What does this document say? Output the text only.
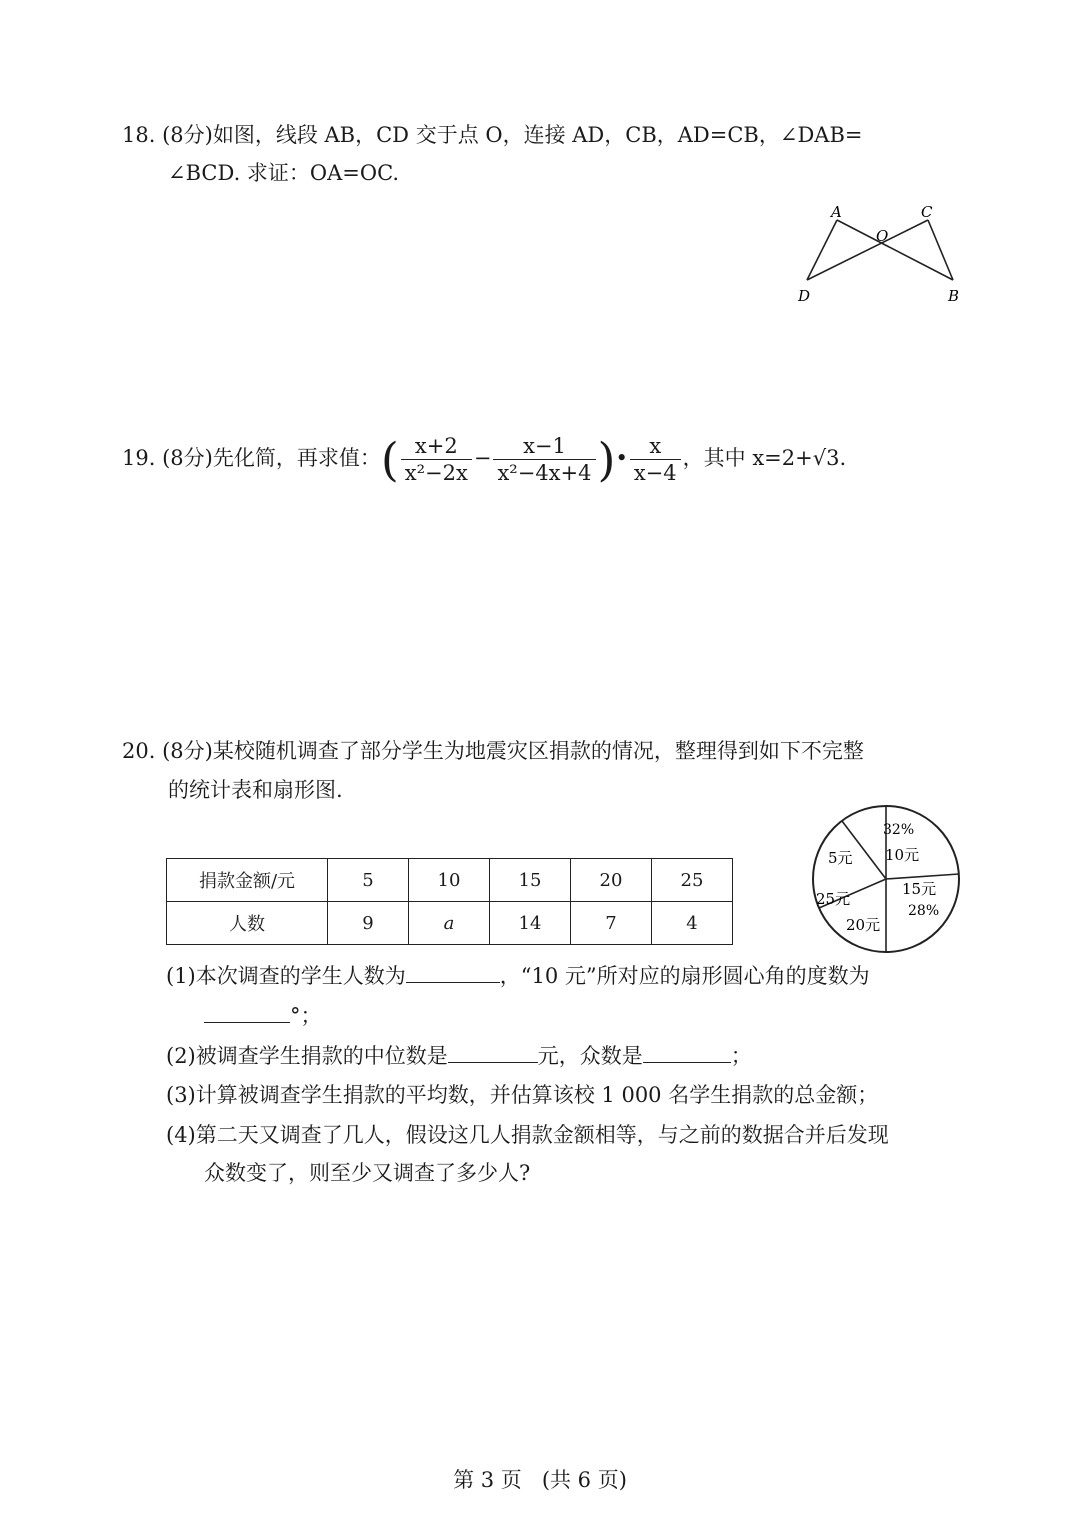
18. (8分)如图，线段 AB，CD 交于点 O，连接 AD，CB，AD=CB，∠DAB=
∠BCD. 求证：OA=OC.
A	C
O
D	B
19. (8分)先化简，再求值：( $\frac{x+2}{\text{x²−2x}} - \frac{x-1}{\text{x²−4x+4}}$ )• $\frac{x}{x-4}$ ，其中 x=2+√3.
20. (8分)某校随机调查了部分学生为地震灾区捐款的情况，整理得到如下不完整
的统计表和扇形图.
捐款金额/元	5	10	15	20	25
人数	9	a	14	7	4
32%
10元
15元
28%
20元
25元
5元
(1)本次调查的学生人数为	，“10 元”所对应的扇形圆心角的度数为
°；
(2)被调查学生捐款的中位数是	元，众数是	；
(3)计算被调查学生捐款的平均数，并估算该校 1 000 名学生捐款的总金额；
(4)第二天又调查了几人，假设这几人捐款金额相等，与之前的数据合并后发现
众数变了，则至少又调查了多少人?
第 3 页   (共 6 页)
